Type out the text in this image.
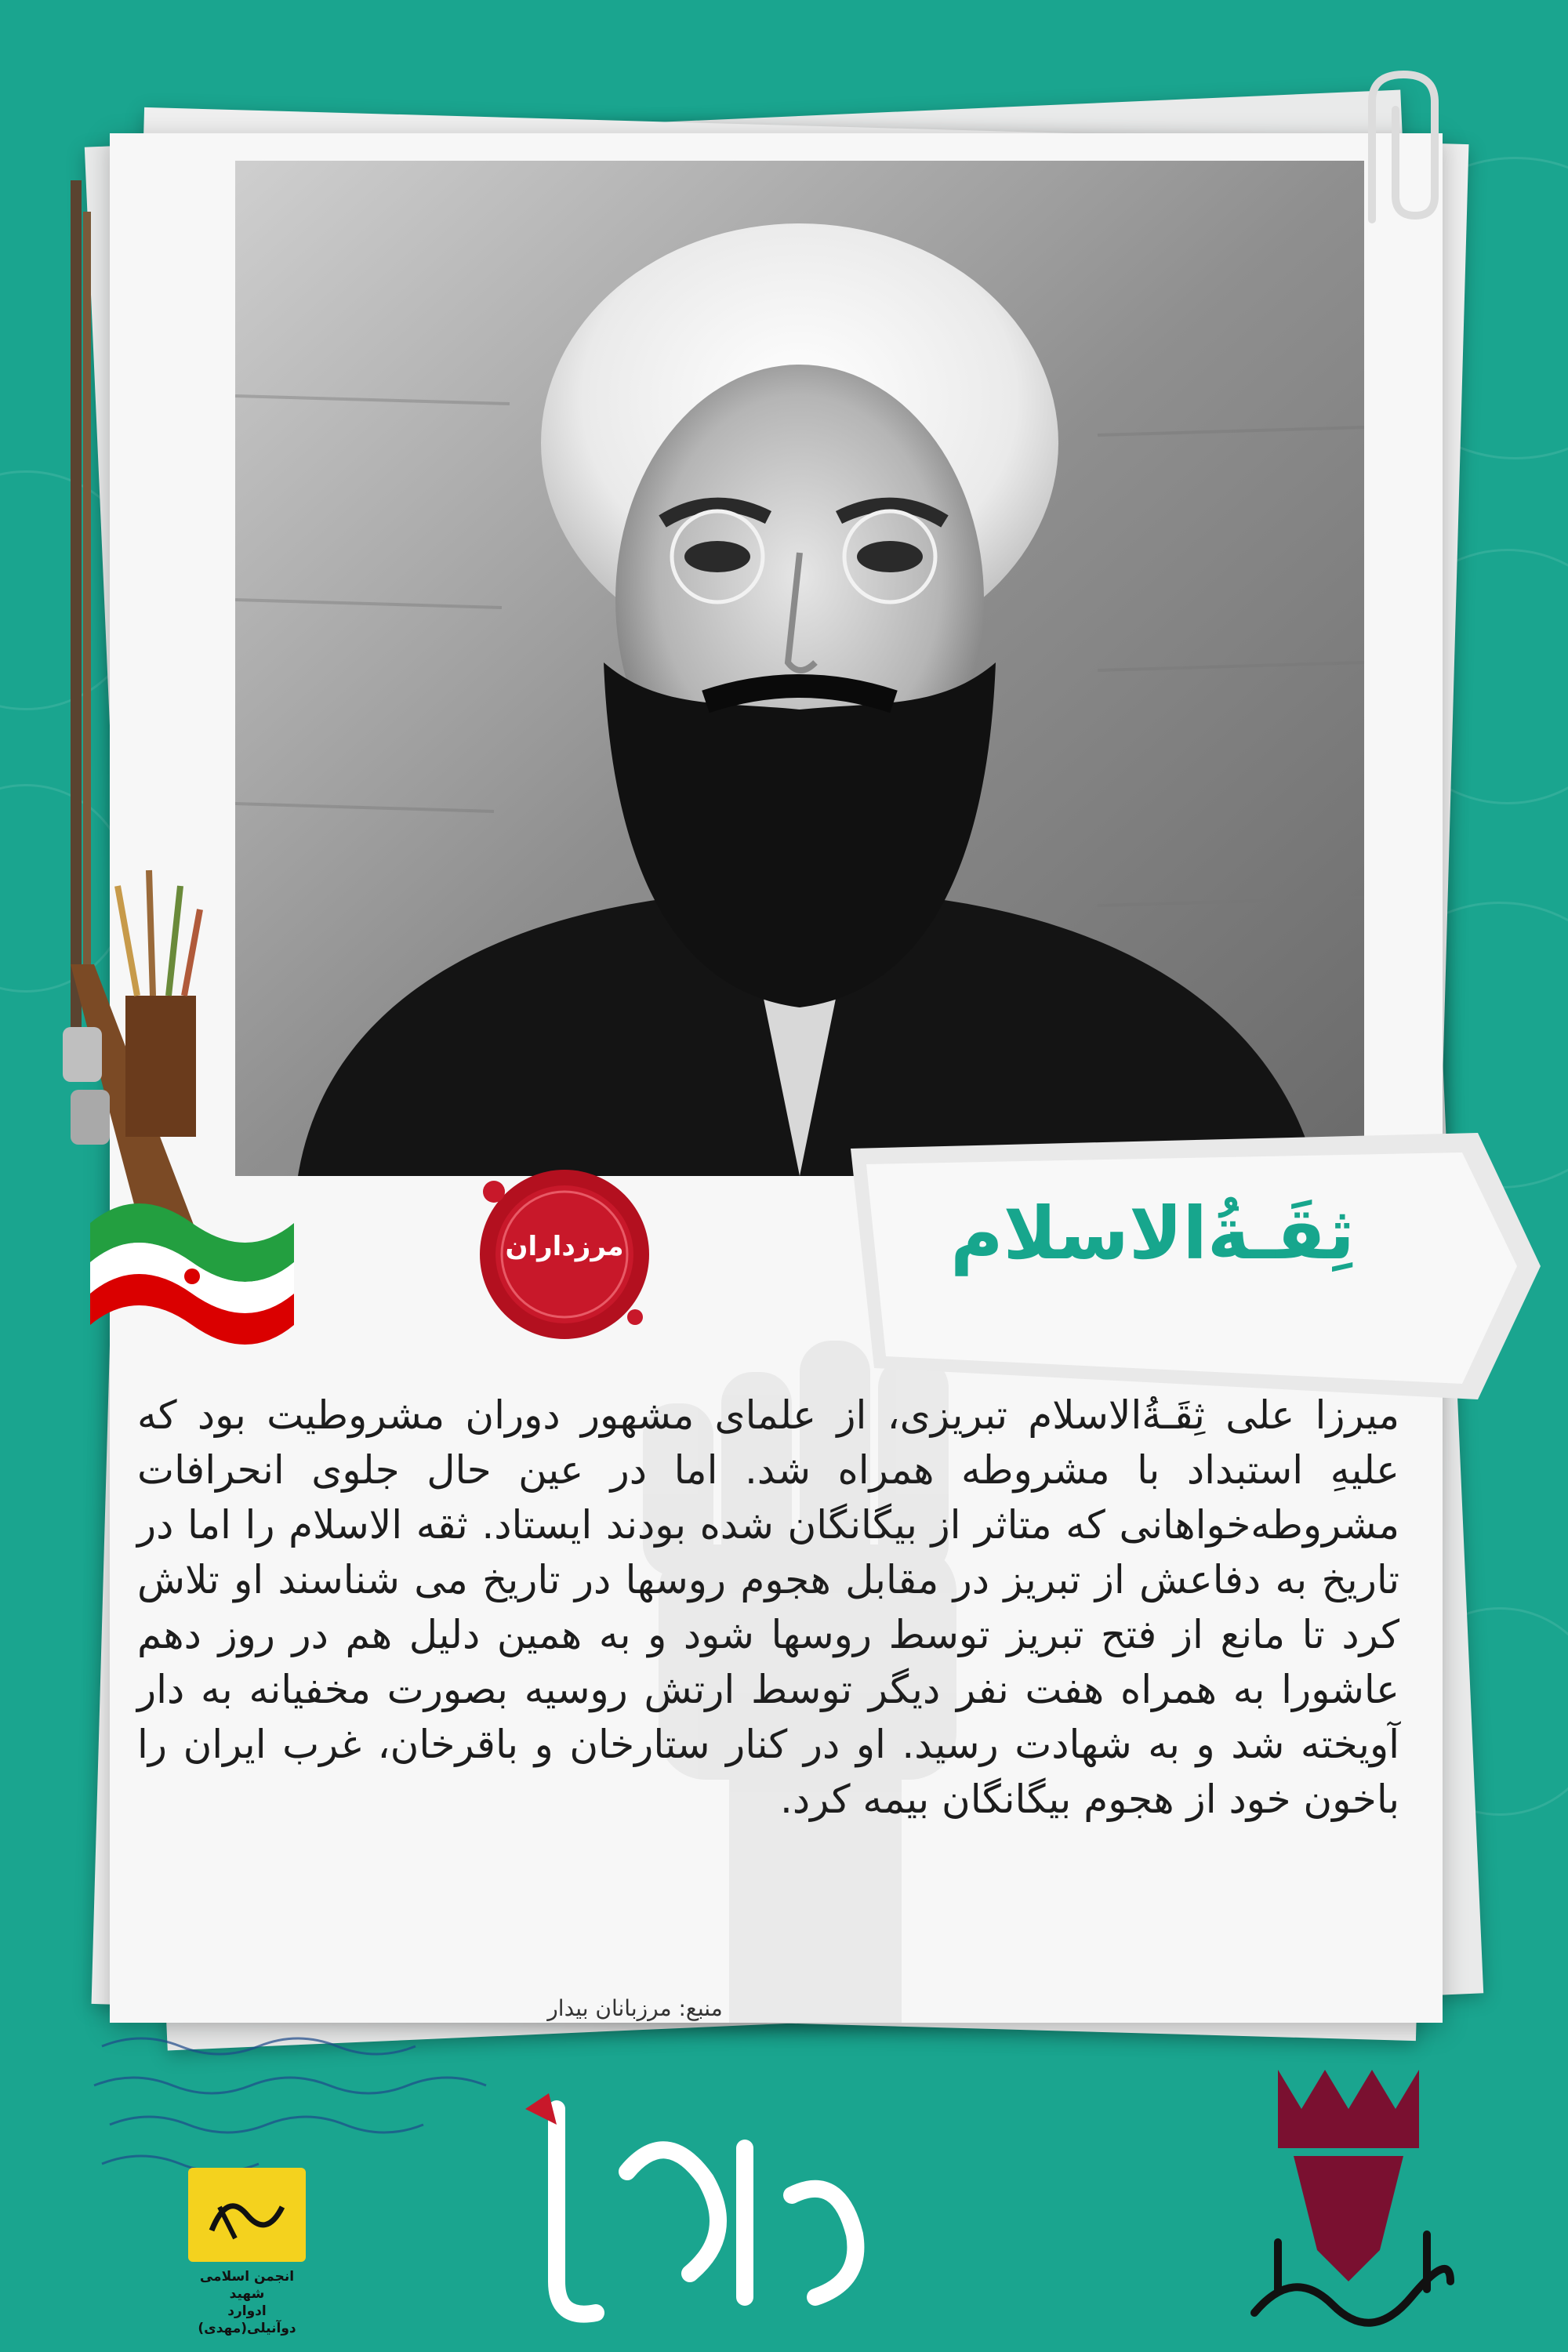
ثِقَـةُالاسلام
مرزداران
میرزا علی ثِقَـةُالاسلام تبریزی، از علمای مشهور دوران مشروطیت بود که علیهِ استبداد با مشروطه همراه شد. اما در عین حال جلوی انحرافات مشروطه‌خواهانی که متاثر از بیگانگان شده بودند ایستاد. ثقه الاسلام را اما در تاریخ به دفاعش از تبریز در مقابل هجوم روسها در تاریخ می شناسند او تلاش کرد تا مانع از فتح تبریز توسط روسها شود و به همین دلیل هم در روز دهم عاشورا به همراه هفت نفر دیگر توسط ارتش روسیه بصورت مخفیانه به دار آویخته شد و به شهادت رسید. او در کنار ستارخان و باقرخان، غرب ایران را باخون خود از هجوم بیگانگان بیمه کرد.
منبع: مرزبانان بیدار
انجمن اسلامی شهید
ادوارد دوآنیلی(مهدی)
